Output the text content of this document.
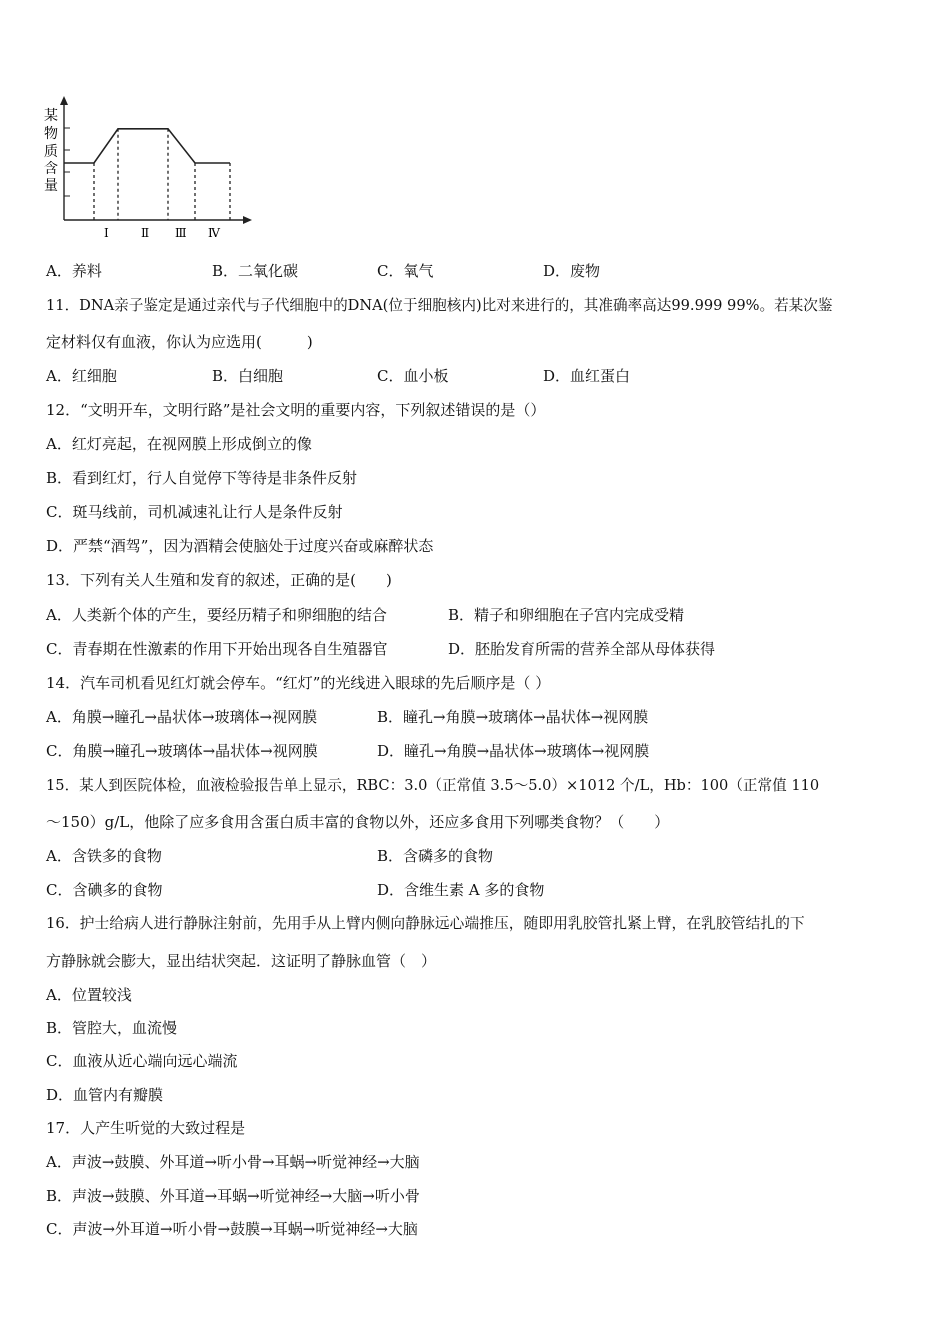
某
物
质
含
量
Ⅰ	Ⅱ Ⅲ Ⅳ
A．养料	B．二氧化碳	C．氧气	D．废物
11．DNA亲子鉴定是通过亲代与子代细胞中的DNA(位于细胞核内)比对来进行的，其准确率高达99.999 99%。若某次鉴
定材料仅有血液，你认为应选用(　　　)
A．红细胞	B．白细胞	C．血小板	D．血红蛋白
12．“文明开车，文明行路”是社会文明的重要内容，下列叙述错误的是（）
A．红灯亮起，在视网膜上形成倒立的像
B．看到红灯，行人自觉停下等待是非条件反射
C．斑马线前，司机减速礼让行人是条件反射
D．严禁“酒驾”，因为酒精会使脑处于过度兴奋或麻醉状态
13．下列有关人生殖和发育的叙述，正确的是(　　)
A．人类新个体的产生，要经历精子和卵细胞的结合	B．精子和卵细胞在子宫内完成受精
C．青春期在性激素的作用下开始出现各自生殖器官	D．胚胎发育所需的营养全部从母体获得
14．汽车司机看见红灯就会停车。“红灯”的光线进入眼球的先后顺序是（ ）
A．角膜→瞳孔→晶状体→玻璃体→视网膜	B．瞳孔→角膜→玻璃体→晶状体→视网膜
C．角膜→瞳孔→玻璃体→晶状体→视网膜	D．瞳孔→角膜→晶状体→玻璃体→视网膜
15．某人到医院体检，血液检验报告单上显示，RBC：3.0（正常值 3.5～5.0）×1012 个/L，Hb：100（正常值 110
～150）g/L，他除了应多食用含蛋白质丰富的食物以外，还应多食用下列哪类食物？（　　）
A．含铁多的食物	B．含磷多的食物
C．含碘多的食物	D．含维生素 A 多的食物
16．护士给病人进行静脉注射前，先用手从上臂内侧向静脉远心端推压，随即用乳胶管扎紧上臂，在乳胶管结扎的下
方静脉就会膨大，显出结状突起．这证明了静脉血管（　）
A．位置较浅
B．管腔大，血流慢
C．血液从近心端向远心端流
D．血管内有瓣膜
17．人产生听觉的大致过程是
A．声波→鼓膜、外耳道→听小骨→耳蜗→听觉神经→大脑
B．声波→鼓膜、外耳道→耳蜗→听觉神经→大脑→听小骨
C．声波→外耳道→听小骨→鼓膜→耳蜗→听觉神经→大脑
